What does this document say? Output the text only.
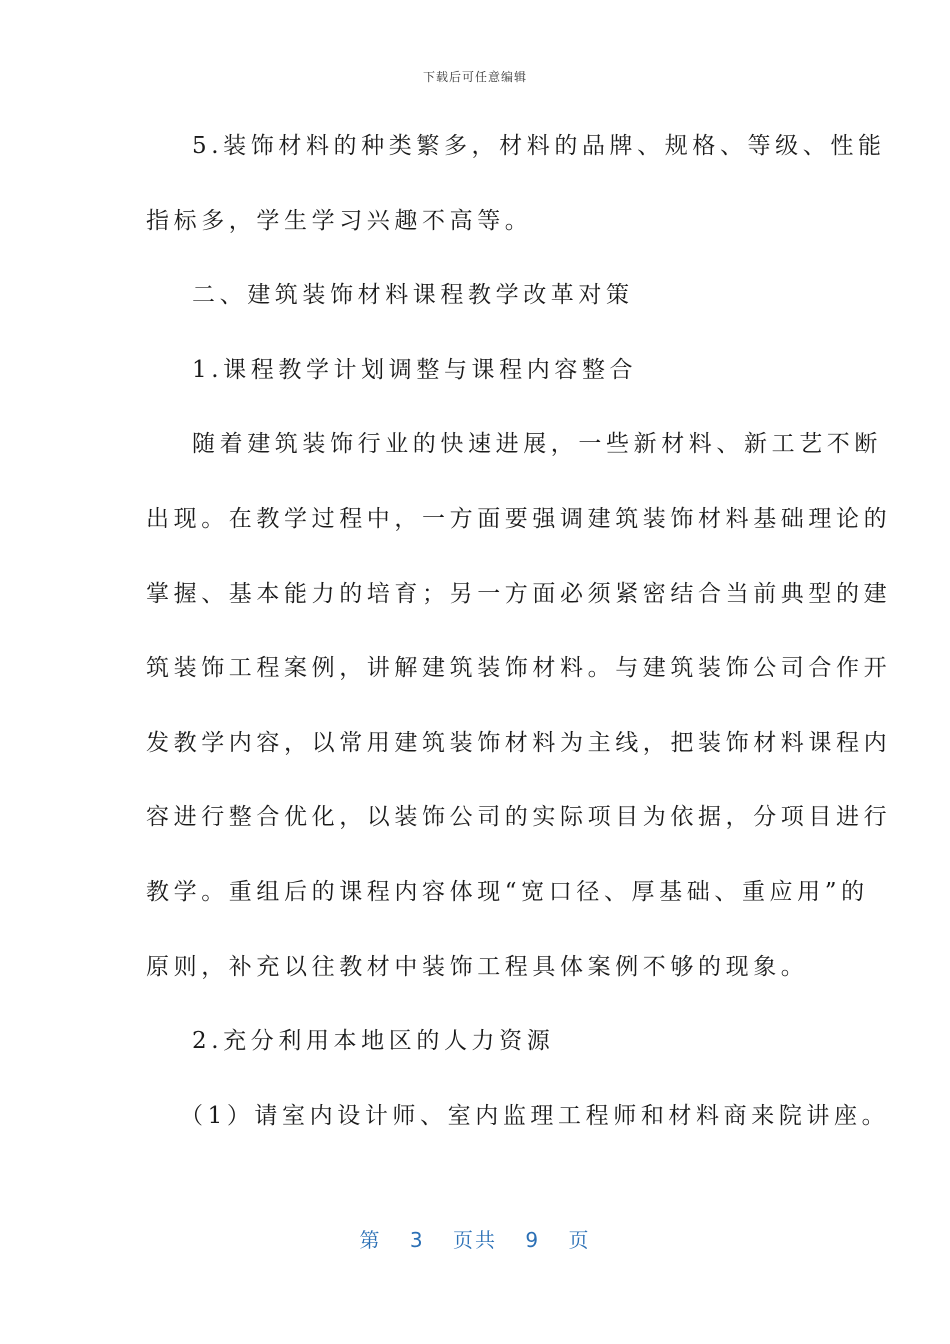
下载后可任意编辑
5.装饰材料的种类繁多，材料的品牌、规格、等级、性能
指标多，学生学习兴趣不高等。
二、建筑装饰材料课程教学改革对策
1.课程教学计划调整与课程内容整合
随着建筑装饰行业的快速进展，一些新材料、新工艺不断
出现。在教学过程中，一方面要强调建筑装饰材料基础理论的
掌握、基本能力的培育；另一方面必须紧密结合当前典型的建
筑装饰工程案例，讲解建筑装饰材料。与建筑装饰公司合作开
发教学内容，以常用建筑装饰材料为主线，把装饰材料课程内
容进行整合优化，以装饰公司的实际项目为依据，分项目进行
教学。重组后的课程内容体现“宽口径、厚基础、重应用”的
原则，补充以往教材中装饰工程具体案例不够的现象。
2.充分利用本地区的人力资源
（1）请室内设计师、室内监理工程师和材料商来院讲座。
第 3 页共 9 页
